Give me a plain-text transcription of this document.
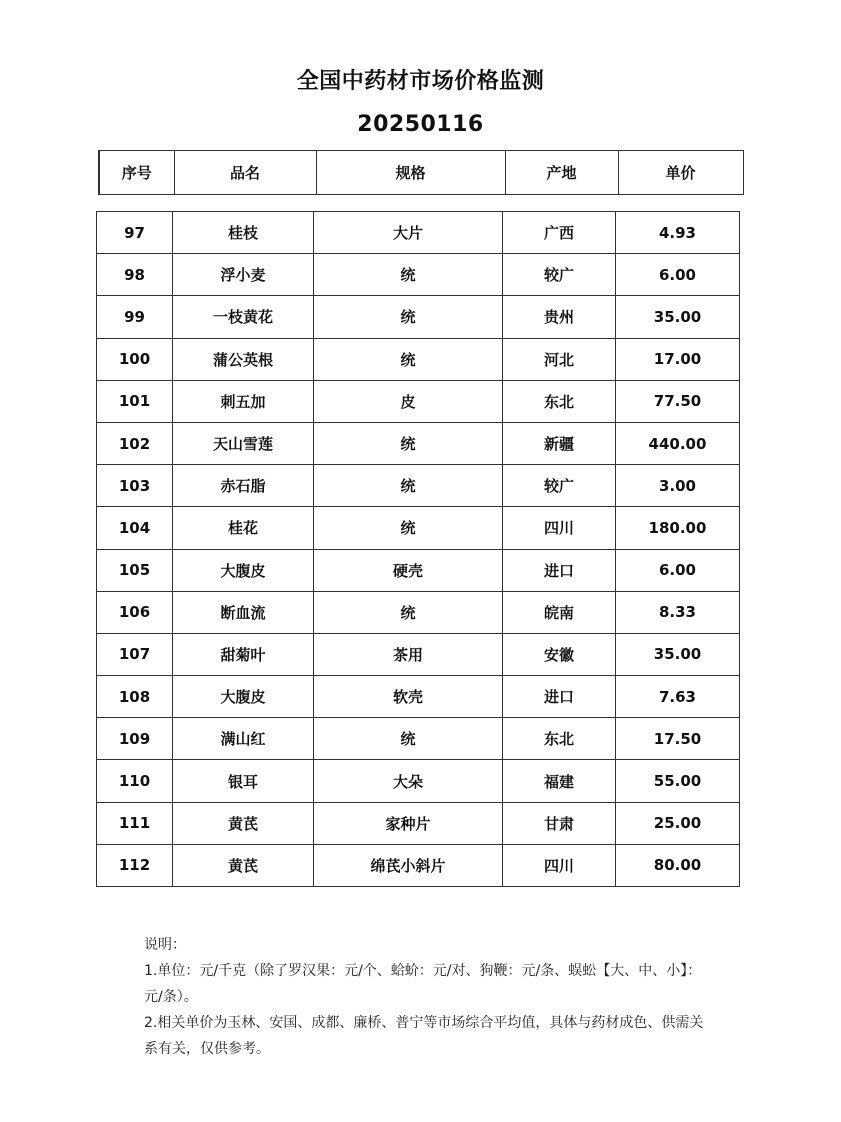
全国中药材市场价格监测
20250116
序号	品名	规格	产地	单价
97	桂枝	大片	广西	4.93
98	浮小麦	统	较广	6.00
99	一枝黄花	统	贵州	35.00
100	蒲公英根	统	河北	17.00
101	刺五加	皮	东北	77.50
102	天山雪莲	统	新疆	440.00
103	赤石脂	统	较广	3.00
104	桂花	统	四川	180.00
105	大腹皮	硬壳	进口	6.00
106	断血流	统	皖南	8.33
107	甜菊叶	茶用	安徽	35.00
108	大腹皮	软壳	进口	7.63
109	满山红	统	东北	17.50
110	银耳	大朵	福建	55.00
111	黄芪	家种片	甘肃	25.00
112	黄芪	绵芪小斜片	四川	80.00

说明：

1.单位：元/千克（除了罗汉果：元/个、蛤蚧：元/对、狗鞭：元/条、蜈蚣【大、中、小】：元/条）。

2.相关单价为玉林、安国、成都、廉桥、普宁等市场综合平均值，具体与药材成色、供需关系有关，仅供参考。
